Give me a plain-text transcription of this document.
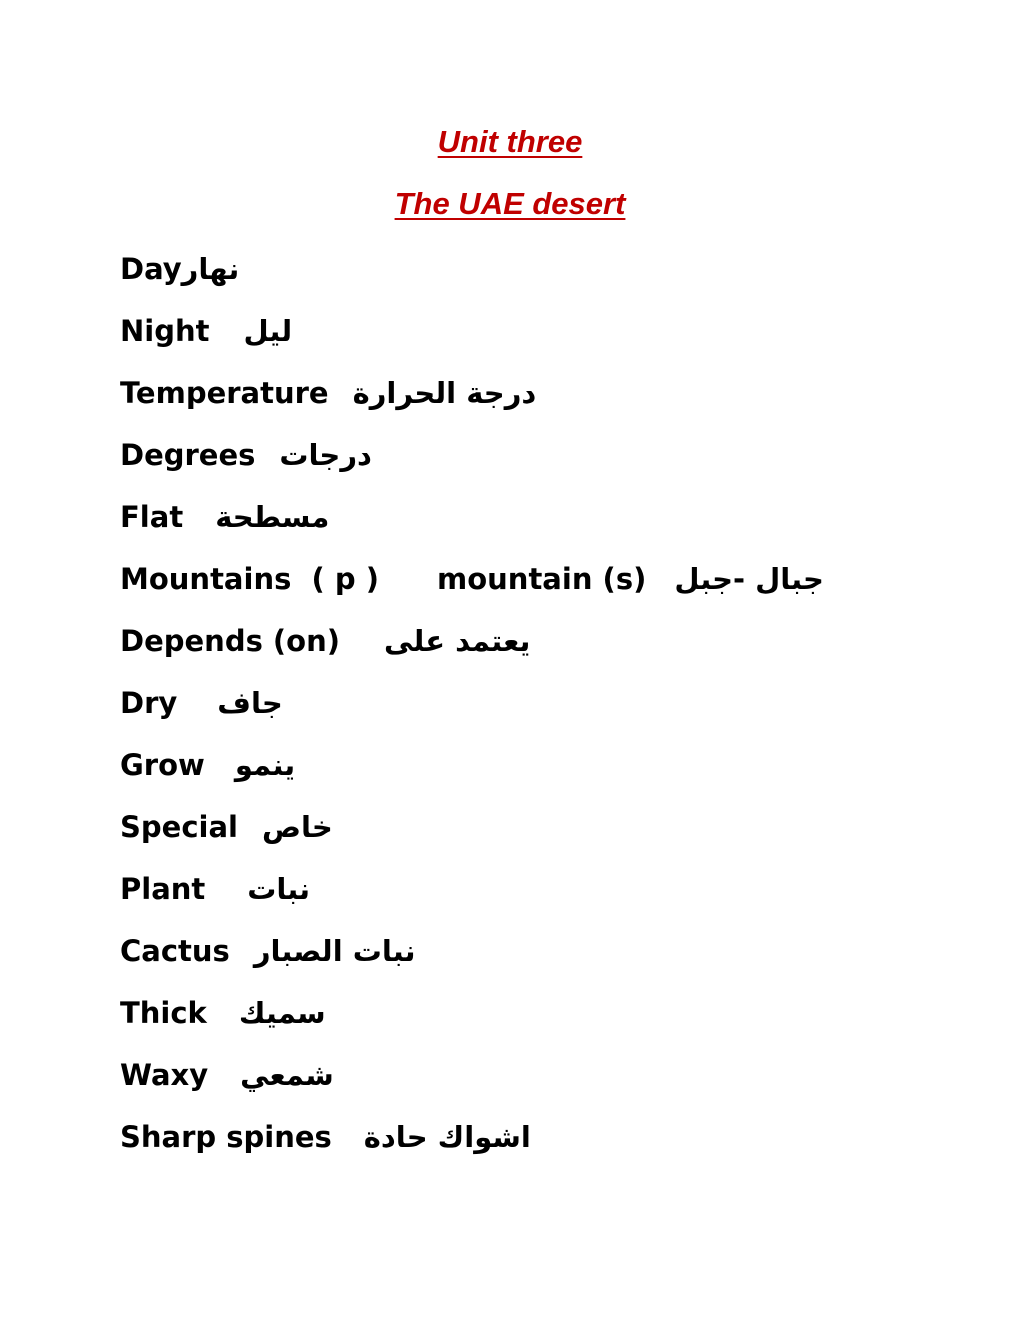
Unit three
The UAE desert
Dayنهار
Night ليل
Temperature درجة الحرارة
Degrees درجات
Flat مسطحة
Mountains  ( p ) mountain (s) جبال -جبل
Depends (on) يعتمد على
Dry جاف
Grow ينمو
Special خاص
Plant نبات
Cactus نبات الصبار
Thick سميك
Waxy شمعي
Sharp spines اشواك حادة
